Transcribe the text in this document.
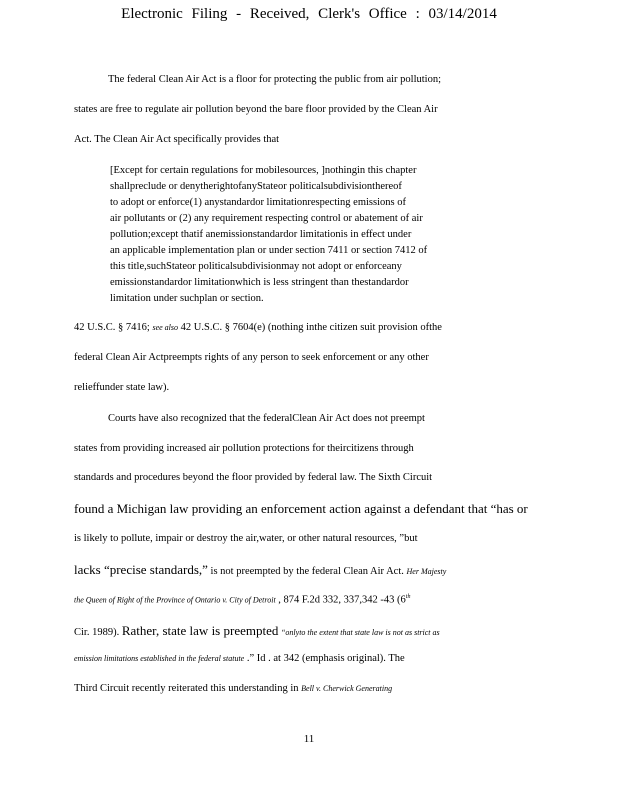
Electronic Filing - Received, Clerk's Office : 03/14/2014
The federal Clean Air Act is a floor for protecting the public from air pollution;
states are free to regulate air pollution beyond the bare floor provided by the Clean Air
Act. The Clean Air Act specifically provides that
[Except for certain regulations for mobilesources, ]nothingin this chapter
shallpreclude or denytherightofanyStateor politicalsubdivisionthereof
to adopt or enforce(1) anystandardor limitationrespecting emissions of
air pollutants or (2) any requirement respecting control or abatement of air
pollution;except thatif anemissionstandardor limitationis in effect under
an applicable implementation plan or under section 7411 or section 7412 of
this title,suchStateor politicalsubdivisionmay not adopt or enforceany
emissionstandardor limitationwhich is less stringent than thestandardor
limitation under suchplan or section.
42 U.S.C. § 7416; see also 42 U.S.C. § 7604(e) (nothing inthe citizen suit provision ofthe
federal Clean Air Actpreempts rights of any person to seek enforcement or any other
relieffunder state law).
Courts have also recognized that the federalClean Air Act does not preempt
states from providing increased air pollution protections for theircitizens through
standards and procedures beyond the floor provided by federal law. The Sixth Circuit
found a Michigan law providing an enforcement action against a defendant that “has or
is likely to pollute, impair or destroy the air,water, or other natural resources, ”but
lacks “precise standards,” is not preempted by the federal Clean Air Act. Her Majesty
the Queen of Right of the Province of Ontario v. City of Detroit , 874 F.2d 332, 337,342 -43 (6th
Cir. 1989). Rather, state law is preempted “onlyto the extent that state law is not as strict as
emission limitations established in the federal statute .” Id . at 342 (emphasis original). The
Third Circuit recently reiterated this understanding in Bell v. Cherwick Generating
11
